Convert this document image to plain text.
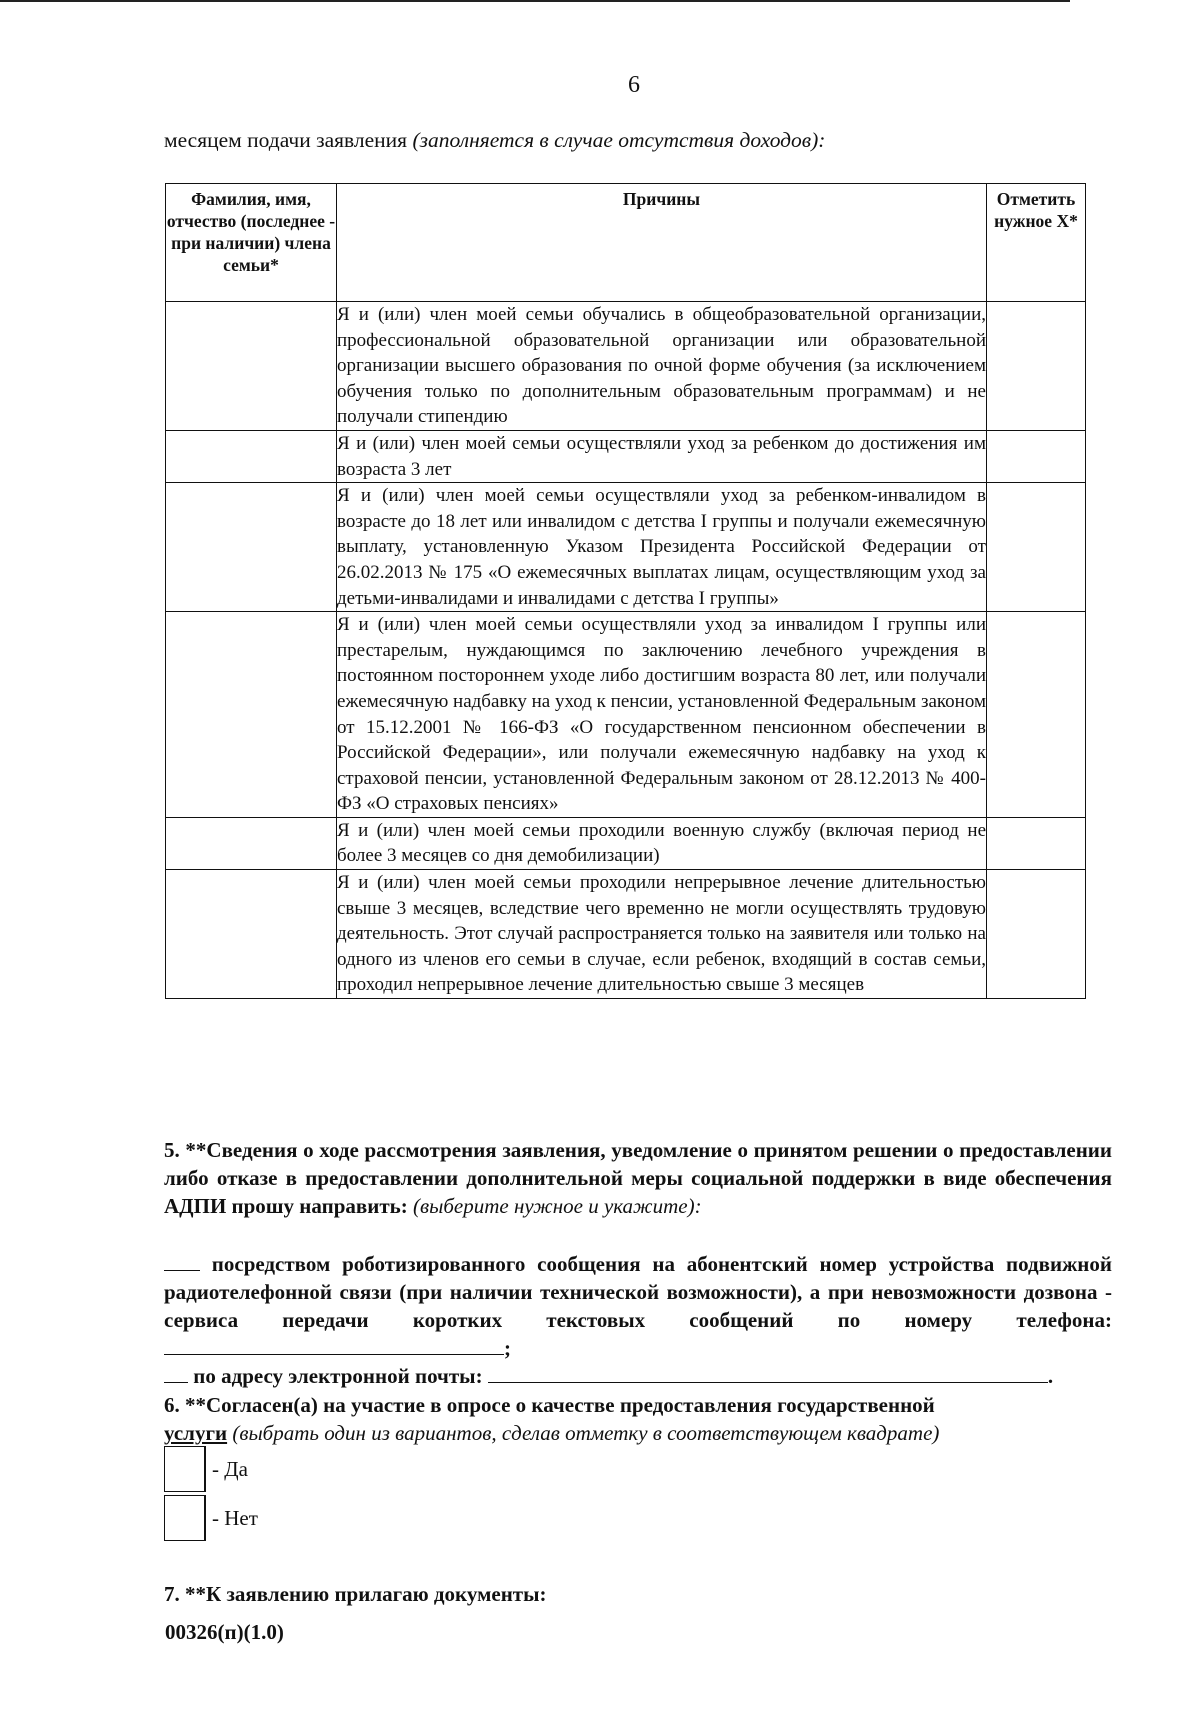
6
месяцем подачи заявления (заполняется в случае отсутствия доходов):
Фамилия, имя, отчество (последнее - при наличии) члена семьи*	Причины	Отметить нужное X*
	Я и (или) член моей семьи обучались в общеобразовательной организации, профессиональной образовательной организации или образовательной организации высшего образования по очной форме обучения (за исключением обучения только по дополнительным образовательным программам) и не получали стипендию	
	Я и (или) член моей семьи осуществляли уход за ребенком до достижения им возраста 3 лет	
	Я и (или) член моей семьи осуществляли уход за ребенком-инвалидом в возрасте до 18 лет или инвалидом с детства I группы и получали ежемесячную выплату, установленную Указом Президента Российской Федерации от 26.02.2013 № 175 «О ежемесячных выплатах лицам, осуществляющим уход за детьми-инвалидами и инвалидами с детства I группы»	
	Я и (или) член моей семьи осуществляли уход за инвалидом I группы или престарелым, нуждающимся по заключению лечебного учреждения в постоянном постороннем уходе либо достигшим возраста 80 лет, или получали ежемесячную надбавку на уход к пенсии, установленной Федеральным законом от 15.12.2001 № 166-ФЗ «О государственном пенсионном обеспечении в Российской Федерации», или получали ежемесячную надбавку на уход к страховой пенсии, установленной Федеральным законом от 28.12.2013 № 400-ФЗ «О страховых пенсиях»	
	Я и (или) член моей семьи проходили военную службу (включая период не более 3 месяцев со дня демобилизации)	
	Я и (или) член моей семьи проходили непрерывное лечение длительностью свыше 3 месяцев, вследствие чего временно не могли осуществлять трудовую деятельность. Этот случай распространяется только на заявителя или только на одного из членов его семьи в случае, если ребенок, входящий в состав семьи, проходил непрерывное лечение длительностью свыше 3 месяцев	
5. **Сведения о ходе рассмотрения заявления, уведомление о принятом решении о предоставлении либо отказе в предоставлении дополнительной меры социальной поддержки в виде обеспечения АДПИ прошу направить: (выберите нужное и укажите):
посредством роботизированного сообщения на абонентский номер устройства подвижной радиотелефонной связи (при наличии технической возможности), а при невозможности дозвона - сервиса передачи коротких текстовых сообщений по номеру телефона: ;
по адресу электронной почты:	.
6. **Согласен(а) на участие в опросе о качестве предоставления государственной
услуги (выбрать один из вариантов, сделав отметку в соответствующем квадрате)
- Да
- Нет
7. **К заявлению прилагаю документы:
00326(п)(1.0)
